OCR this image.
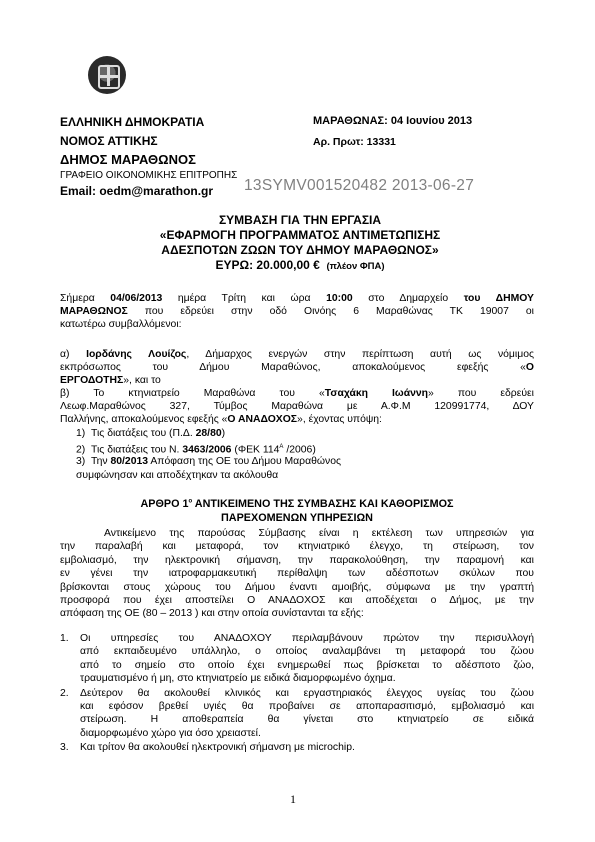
ΕΛΛΗΝΙΚΗ ΔΗΜΟΚΡΑΤΙΑ
ΝΟΜΟΣ ΑΤΤΙΚΗΣ
ΔΗΜΟΣ ΜΑΡΑΘΩΝΟΣ
ΓΡΑΦΕΙΟ ΟΙΚΟΝΟΜΙΚΗΣ ΕΠΙΤΡΟΠΗΣ
Email: oedm@marathon.gr 13SYMV001520482 2013-06-27
ΜΑΡΑΘΩΝΑΣ: 04 Ιουνίου 2013
Αρ. Πρωτ: 13331
ΣΥΜΒΑΣΗ ΓΙΑ ΤΗΝ ΕΡΓΑΣΙΑ
«ΕΦΑΡΜΟΓΗ ΠΡΟΓΡΑΜΜΑΤΟΣ ΑΝΤΙΜΕΤΩΠΙΣΗΣ
ΑΔΕΣΠΟΤΩΝ ΖΩΩΝ ΤΟΥ ΔΗΜΟΥ ΜΑΡΑΘΩΝΟΣ»
ΕΥΡΩ: 20.000,00 € (πλέον ΦΠΑ)
Σήμερα 04/06/2013 ημέρα Τρίτη και ώρα 10:00 στο Δημαρχείο του ΔΗΜΟΥ
ΜΑΡΑΘΩΝΟΣ που εδρεύει στην οδό Οινόης 6 Μαραθώνας ΤΚ 19007 οι
κατωτέρω συμβαλλόμενοι:
α) Ιορδάνης Λουίζος, Δήμαρχος ενεργών στην περίπτωση αυτή ως νόμιμος
εκπρόσωπος του Δήμου Μαραθώνος, αποκαλούμενος εφεξής «Ο
ΕΡΓΟΔΟΤΗΣ», και το
β) Το κτηνιατρείο Μαραθώνα του «Τσαχάκη Ιωάννη» που εδρεύει
Λεωφ.Μαραθώνος 327, Τύμβος Μαραθώνα με Α.Φ.Μ 120991774, ΔΟΥ
Παλλήνης, αποκαλούμενος εφεξής «Ο ΑΝΑΔΟΧΟΣ», έχοντας υπόψη:
1) Τις διατάξεις του (Π.Δ. 28/80)
2) Τις διατάξεις του Ν. 3463/2006 (ΦΕΚ $114^A$ /2006)
3) Την 80/2013 Απόφαση της ΟΕ του Δήμου Μαραθώνος
συμφώνησαν και αποδέχτηκαν τα ακόλουθα
ΑΡΘΡΟ $1^o$ ΑΝΤΙΚΕΙΜΕΝΟ ΤΗΣ ΣΥΜΒΑΣΗΣ ΚΑΙ ΚΑΘΟΡΙΣΜΟΣ
ΠΑΡΕΧΟΜΕΝΩΝ ΥΠΗΡΕΣΙΩΝ
Αντικείμενο της παρούσας Σύμβασης είναι η εκτέλεση των υπηρεσιών για
την παραλαβή και μεταφορά, τον κτηνιατρικό έλεγχο, τη στείρωση, τον
εμβολιασμό, την ηλεκτρονική σήμανση, την παρακολούθηση, την παραμονή και
εν γένει την ιατροφαρμακευτική περίθαλψη των αδέσποτων σκύλων που
βρίσκονται στους χώρους του Δήμου έναντι αμοιβής, σύμφωνα με την γραπτή
προσφορά που έχει αποστείλει Ο ΑΝΑΔΟΧΟΣ και αποδέχεται ο Δήμος, με την
απόφαση της ΟΕ (80 – 2013 ) και στην οποία συνίστανται τα εξής:
1. Οι υπηρεσίες του ΑΝΑΔΟΧΟΥ περιλαμβάνουν πρώτον την περισυλλογή
από εκπαιδευμένο υπάλληλο, ο οποίος αναλαμβάνει τη μεταφορά του ζώου
από το σημείο στο οποίο έχει ενημερωθεί πως βρίσκεται το αδέσποτο ζώο,
τραυματισμένο ή μη, στο κτηνιατρείο με ειδικά διαμορφωμένο όχημα.
2. Δεύτερον θα ακολουθεί κλινικός και εργαστηριακός έλεγχος υγείας του ζώου
και εφόσον βρεθεί υγιές θα προβαίνει σε αποπαρασιτισμό, εμβολιασμό και
στείρωση. Η αποθεραπεία θα γίνεται στο κτηνιατρείο σε ειδικά
διαμορφωμένο χώρο για όσο χρειαστεί.
3. Και τρίτον θα ακολουθεί ηλεκτρονική σήμανση με microchip.
1
